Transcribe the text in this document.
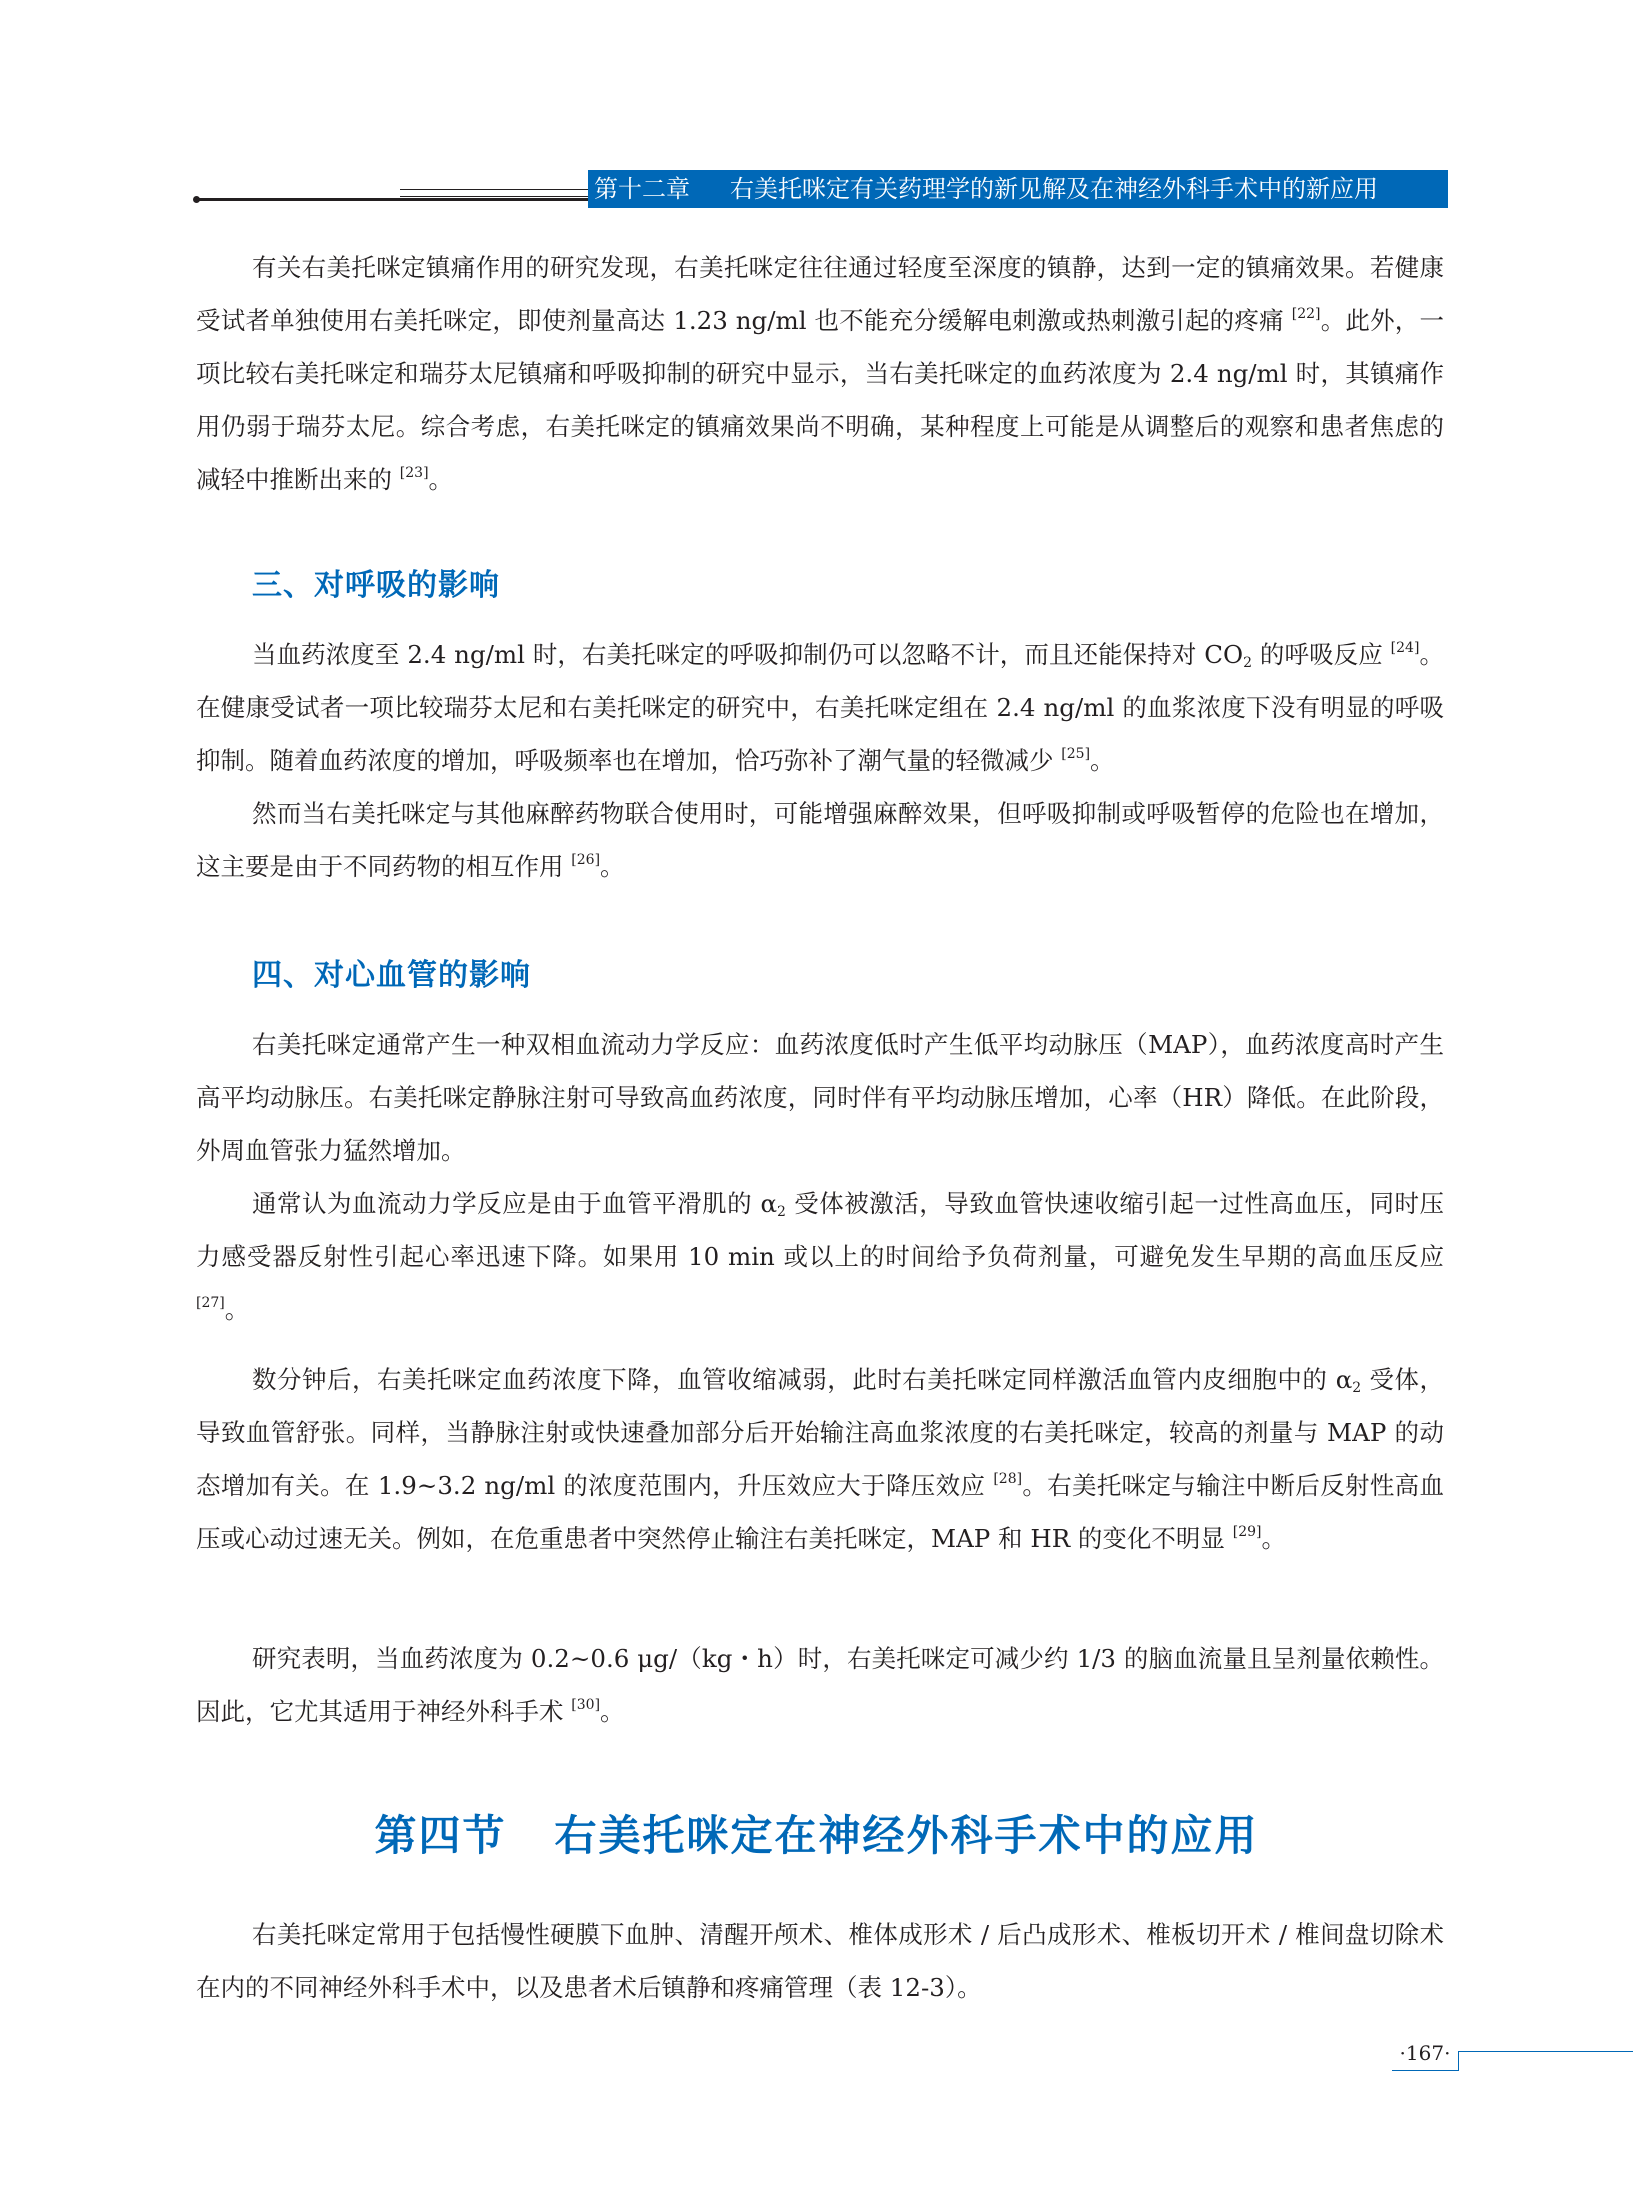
第十二章 右美托咪定有关药理学的新见解及在神经外科手术中的新应用

有关右美托咪定镇痛作用的研究发现，右美托咪定往往通过轻度至深度的镇静，达到一定的镇痛效果。若健康受试者单独使用右美托咪定，即使剂量高达 1.23 ng/ml 也不能充分缓解电刺激或热刺激引起的疼痛 [22]。此外，一项比较右美托咪定和瑞芬太尼镇痛和呼吸抑制的研究中显示，当右美托咪定的血药浓度为 2.4 ng/ml 时，其镇痛作用仍弱于瑞芬太尼。综合考虑，右美托咪定的镇痛效果尚不明确，某种程度上可能是从调整后的观察和患者焦虑的减轻中推断出来的 [23]。

三、对呼吸的影响

当血药浓度至 2.4 ng/ml 时，右美托咪定的呼吸抑制仍可以忽略不计，而且还能保持对 $CO_2$ 的呼吸反应 [24]。在健康受试者一项比较瑞芬太尼和右美托咪定的研究中，右美托咪定组在 2.4 ng/ml 的血浆浓度下没有明显的呼吸抑制。随着血药浓度的增加，呼吸频率也在增加，恰巧弥补了潮气量的轻微减少 [25]。

然而当右美托咪定与其他麻醉药物联合使用时，可能增强麻醉效果，但呼吸抑制或呼吸暂停的危险也在增加，这主要是由于不同药物的相互作用 [26]。

四、对心血管的影响

右美托咪定通常产生一种双相血流动力学反应：血药浓度低时产生低平均动脉压（MAP），血药浓度高时产生高平均动脉压。右美托咪定静脉注射可导致高血药浓度，同时伴有平均动脉压增加，心率（HR）降低。在此阶段，外周血管张力猛然增加。

通常认为血流动力学反应是由于血管平滑肌的 $\alpha_2$ 受体被激活，导致血管快速收缩引起一过性高血压，同时压力感受器反射性引起心率迅速下降。如果用 10 min 或以上的时间给予负荷剂量，可避免发生早期的高血压反应 [27]。

数分钟后，右美托咪定血药浓度下降，血管收缩减弱，此时右美托咪定同样激活血管内皮细胞中的 $\alpha_2$ 受体，导致血管舒张。同样，当静脉注射或快速叠加部分后开始输注高血浆浓度的右美托咪定，较高的剂量与 MAP 的动态增加有关。在 1.9~3.2 ng/ml 的浓度范围内，升压效应大于降压效应 [28]。右美托咪定与输注中断后反射性高血压或心动过速无关。例如，在危重患者中突然停止输注右美托咪定，MAP 和 HR 的变化不明显 [29]。

研究表明，当血药浓度为 0.2~0.6 μg/（kg・h）时，右美托咪定可减少约 1/3 的脑血流量且呈剂量依赖性。因此，它尤其适用于神经外科手术 [30]。

第四节 右美托咪定在神经外科手术中的应用

右美托咪定常用于包括慢性硬膜下血肿、清醒开颅术、椎体成形术 / 后凸成形术、椎板切开术 / 椎间盘切除术在内的不同神经外科手术中，以及患者术后镇静和疼痛管理（表 12-3）。

·167·
